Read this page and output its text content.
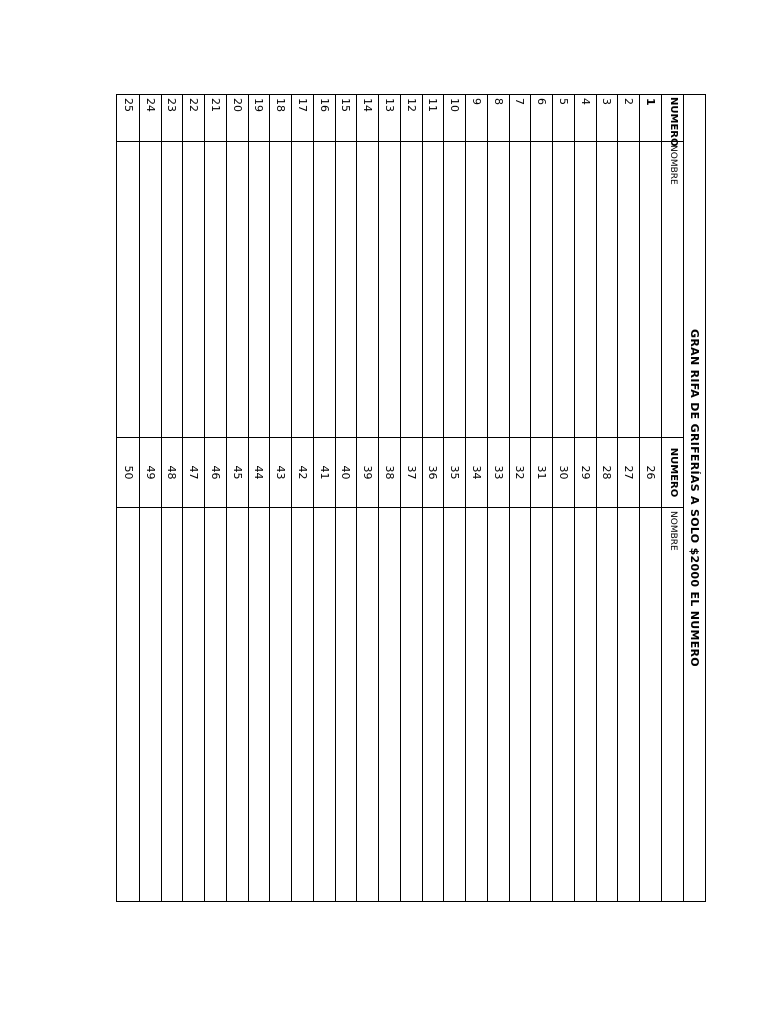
GRAN RIFA DE GRIFERÍAS A SOLO $2000 EL NUMERO
NUMERO
NOMBRE
NUMERO
NOMBRE
1
26
2
27
3
28
4
29
5
30
6
31
7
32
8
33
9
34
10
35
11
36
12
37
13
38
14
39
15
40
16
41
17
42
18
43
19
44
20
45
21
46
22
47
23
48
24
49
25
50
